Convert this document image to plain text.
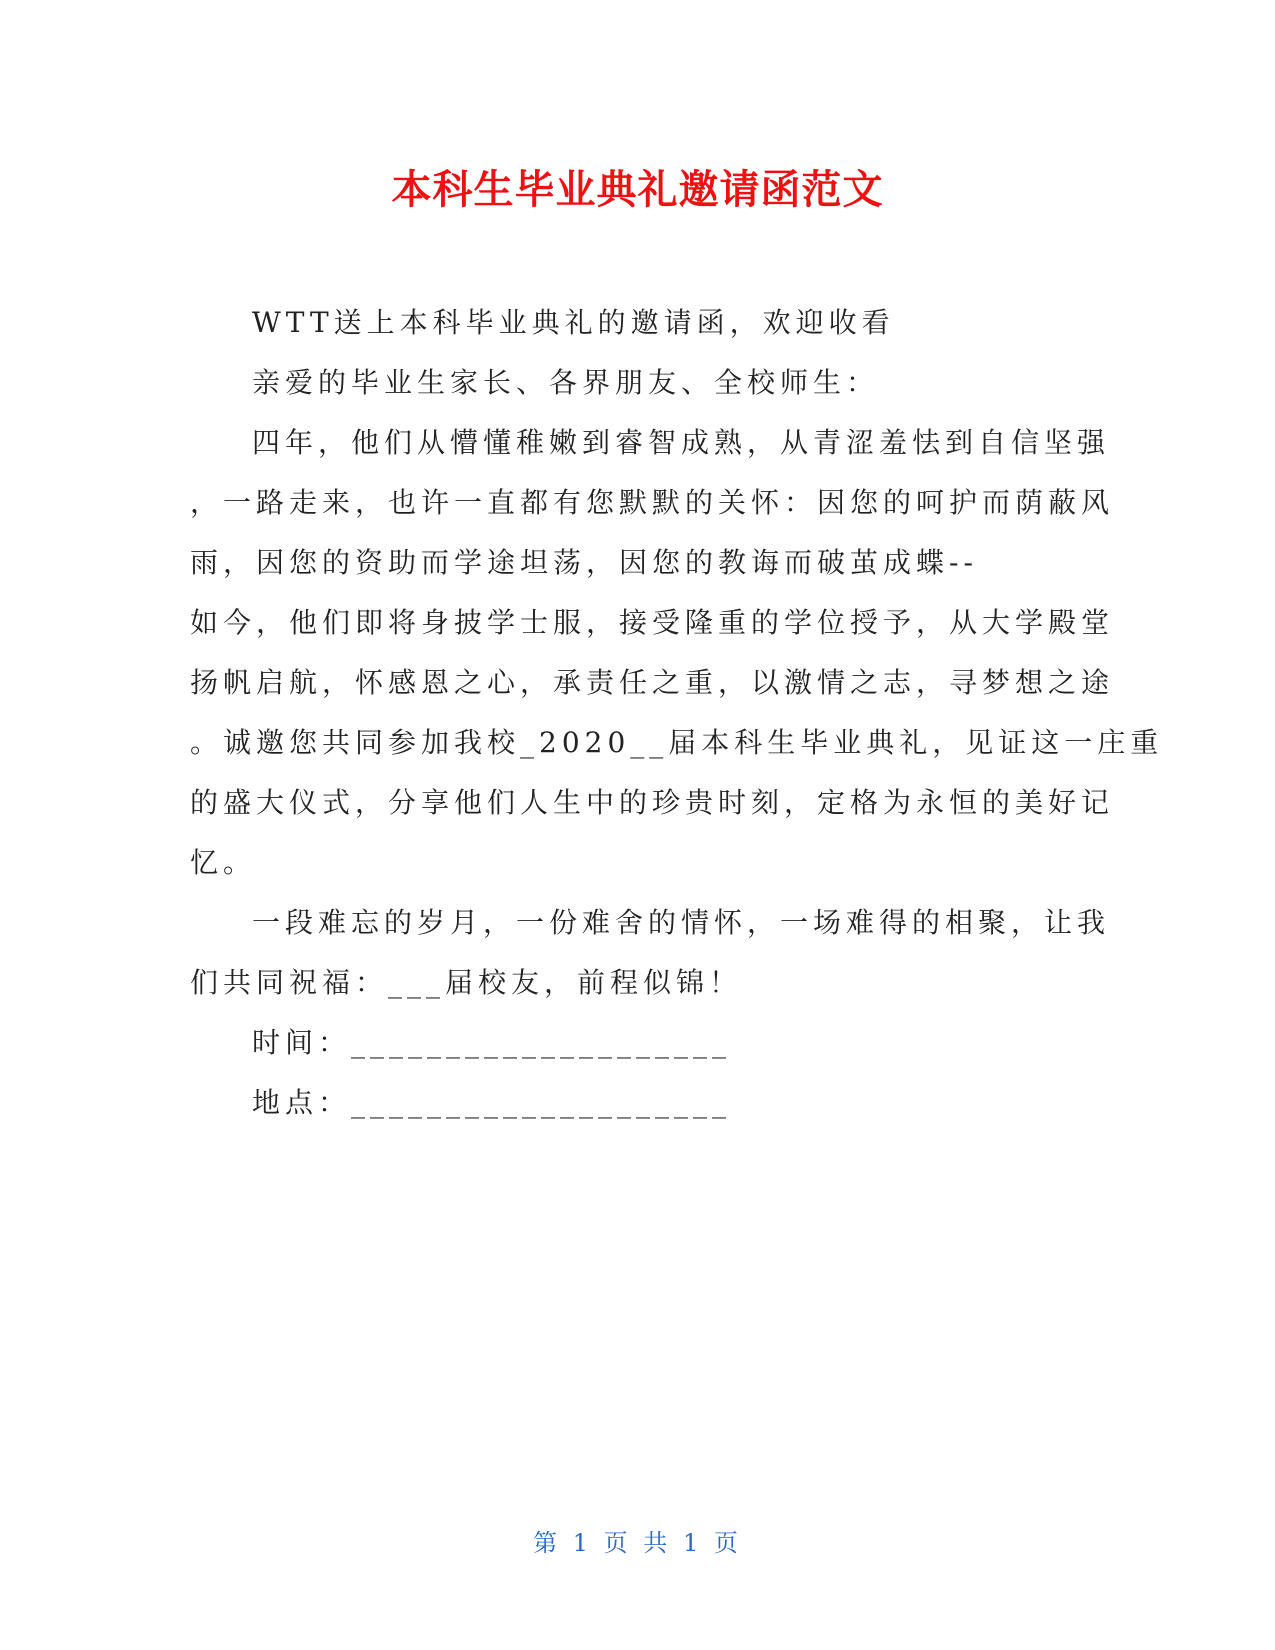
本科生毕业典礼邀请函范文

WTT送上本科毕业典礼的邀请函，欢迎收看

亲爱的毕业生家长、各界朋友、全校师生：

四年，他们从懵懂稚嫩到睿智成熟，从青涩羞怯到自信坚强

，一路走来，也许一直都有您默默的关怀：因您的呵护而荫蔽风

雨，因您的资助而学途坦荡，因您的教诲而破茧成蝶--

如今，他们即将身披学士服，接受隆重的学位授予，从大学殿堂

扬帆启航，怀感恩之心，承责任之重，以激情之志，寻梦想之途

。诚邀您共同参加我校_2020__届本科生毕业典礼，见证这一庄重

的盛大仪式，分享他们人生中的珍贵时刻，定格为永恒的美好记

忆。

一段难忘的岁月，一份难舍的情怀，一场难得的相聚，让我

们共同祝福：___届校友，前程似锦！

时间：____________________

地点：____________________

第 1 页 共 1 页
